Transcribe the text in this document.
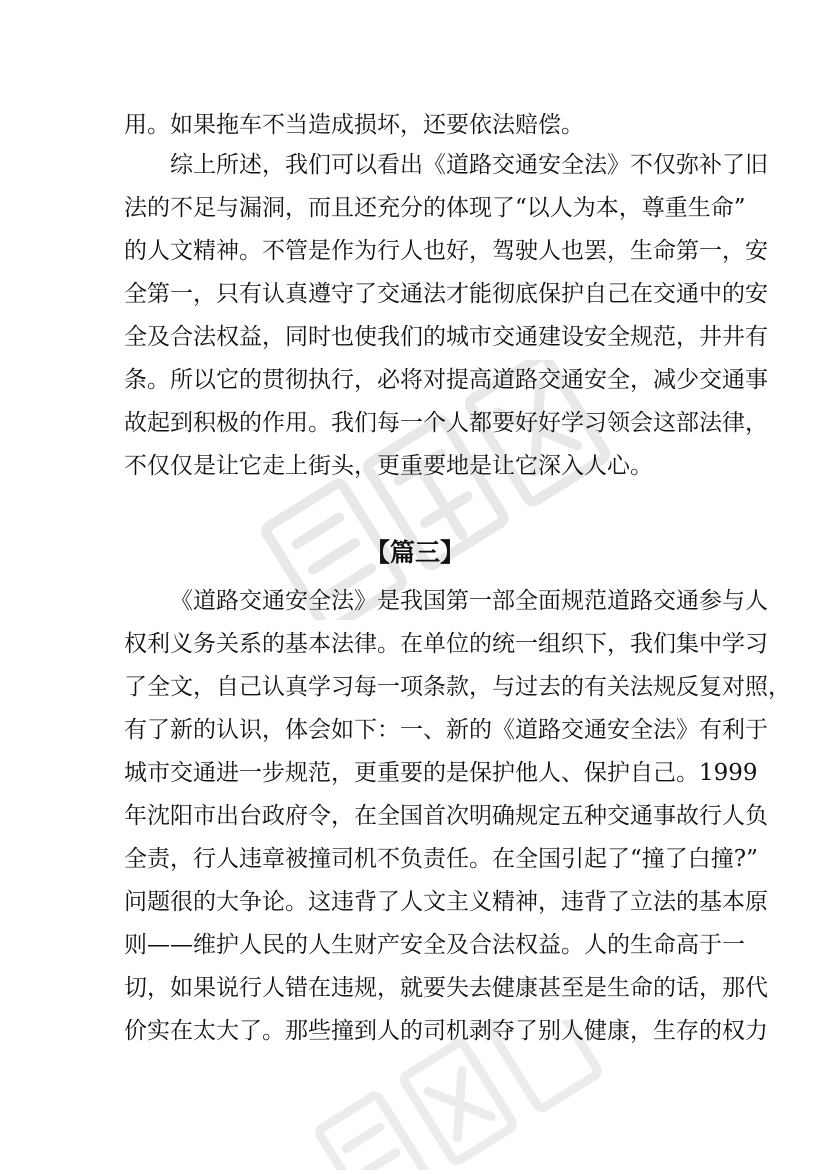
用。如果拖车不当造成损坏，还要依法赔偿。
综上所述，我们可以看出《道路交通安全法》不仅弥补了旧
法的不足与漏洞，而且还充分的体现了“以人为本，尊重生命”
的人文精神。不管是作为行人也好，驾驶人也罢，生命第一，安
全第一，只有认真遵守了交通法才能彻底保护自己在交通中的安
全及合法权益，同时也使我们的城市交通建设安全规范，井井有
条。所以它的贯彻执行，必将对提高道路交通安全，减少交通事
故起到积极的作用。我们每一个人都要好好学习领会这部法律，
不仅仅是让它走上街头，更重要地是让它深入人心。
【篇三】
《道路交通安全法》是我国第一部全面规范道路交通参与人
权利义务关系的基本法律。在单位的统一组织下，我们集中学习
了全文，自己认真学习每一项条款，与过去的有关法规反复对照，
有了新的认识，体会如下：一、新的《道路交通安全法》有利于
城市交通进一步规范，更重要的是保护他人、保护自己。1999
年沈阳市出台政府令，在全国首次明确规定五种交通事故行人负
全责，行人违章被撞司机不负责任。在全国引起了“撞了白撞?”
问题很的大争论。这违背了人文主义精神，违背了立法的基本原
则——维护人民的人生财产安全及合法权益。人的生命高于一
切，如果说行人错在违规，就要失去健康甚至是生命的话，那代
价实在太大了。那些撞到人的司机剥夺了别人健康，生存的权力
